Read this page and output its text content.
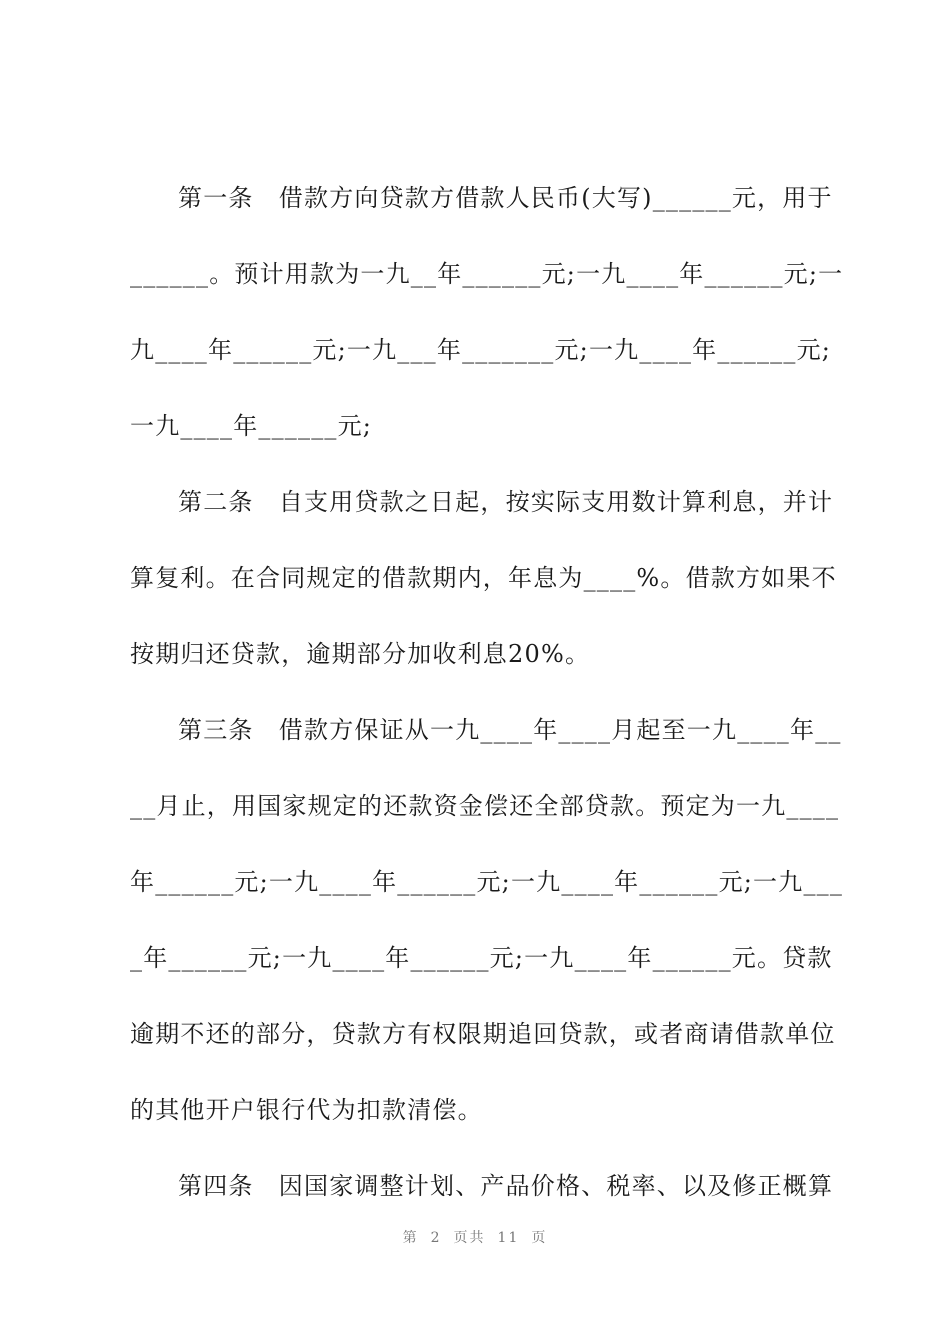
第一条　借款方向贷款方借款人民币(大写)______元，用于
______。预计用款为一九__年______元;一九____年______元;一
九____年______元;一九___年_______元;一九____年______元;
一九____年______元;
第二条　自支用贷款之日起，按实际支用数计算利息，并计
算复利。在合同规定的借款期内，年息为____%。借款方如果不
按期归还贷款，逾期部分加收利息20%。
第三条　借款方保证从一九____年____月起至一九____年__
__月止，用国家规定的还款资金偿还全部贷款。预定为一九____
年______元;一九____年______元;一九____年______元;一九___
_年______元;一九____年______元;一九____年______元。贷款
逾期不还的部分，贷款方有权限期追回贷款，或者商请借款单位
的其他开户银行代为扣款清偿。
第四条　因国家调整计划、产品价格、税率、以及修正概算
第 2 页共 11 页
